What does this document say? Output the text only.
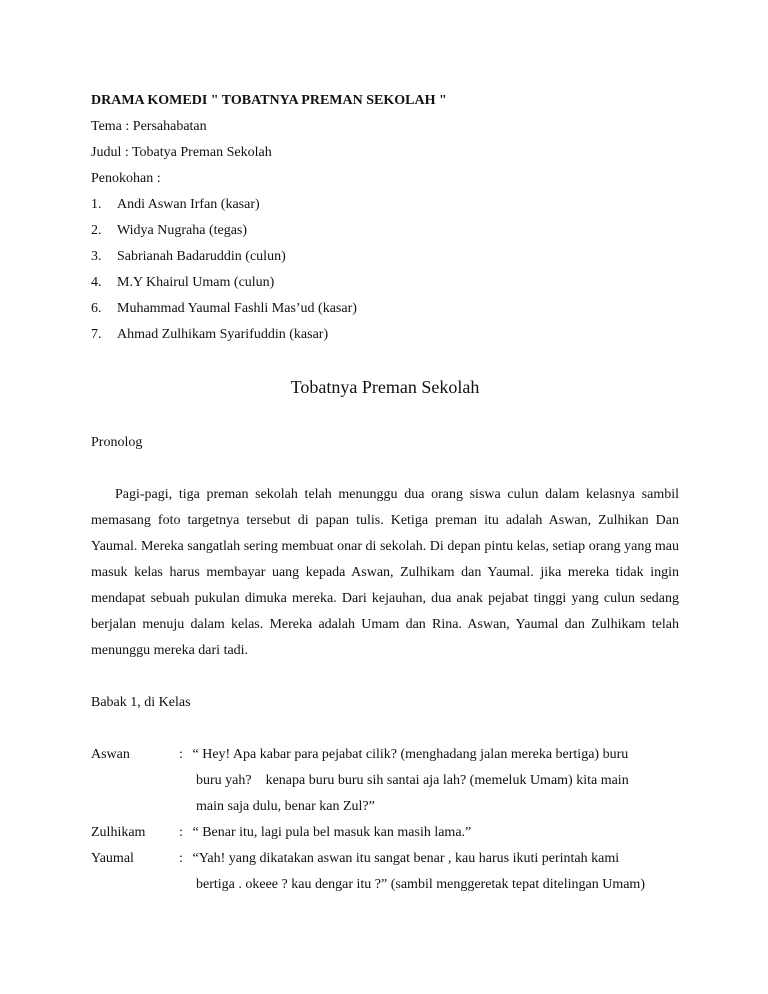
DRAMA KOMEDI " TOBATNYA PREMAN SEKOLAH "

Tema : Persahabatan

Judul : Tobatya Preman Sekolah

Penokohan :

1.	Andi Aswan Irfan (kasar)
2.	Widya Nugraha (tegas)
3.	Sabrianah Badaruddin (culun)
4.	M.Y Khairul Umam (culun)
6.	Muhammad Yaumal Fashli Mas’ud (kasar)
7.	Ahmad Zulhikam Syarifuddin (kasar)
Tobatnya Preman Sekolah

Pronolog

Pagi-pagi, tiga preman sekolah telah menunggu dua orang siswa culun dalam kelasnya sambil memasang foto targetnya tersebut di papan tulis. Ketiga preman itu adalah Aswan, Zulhikan Dan Yaumal. Mereka sangatlah sering membuat onar di sekolah. Di depan pintu kelas, setiap orang yang mau masuk kelas harus membayar uang kepada Aswan, Zulhikam dan Yaumal. jika mereka tidak ingin mendapat sebuah pukulan dimuka mereka. Dari kejauhan, dua anak pejabat tinggi yang culun sedang berjalan menuju dalam kelas. Mereka adalah Umam dan Rina. Aswan, Yaumal dan Zulhikam telah menunggu mereka dari tadi.

Babak 1, di Kelas

Aswan	: “ Hey! Apa kabar para pejabat cilik? (menghadang jalan mereka bertiga) buru
buru yah?    kenapa buru buru sih santai aja lah? (memeluk Umam) kita main
main saja dulu, benar kan Zul?”
Zulhikam	: “ Benar itu, lagi pula bel masuk kan masih lama.”
Yaumal	: “Yah! yang dikatakan aswan itu sangat benar , kau harus ikuti perintah kami
bertiga . okeee ? kau dengar itu ?” (sambil menggeretak tepat ditelingan Umam)
